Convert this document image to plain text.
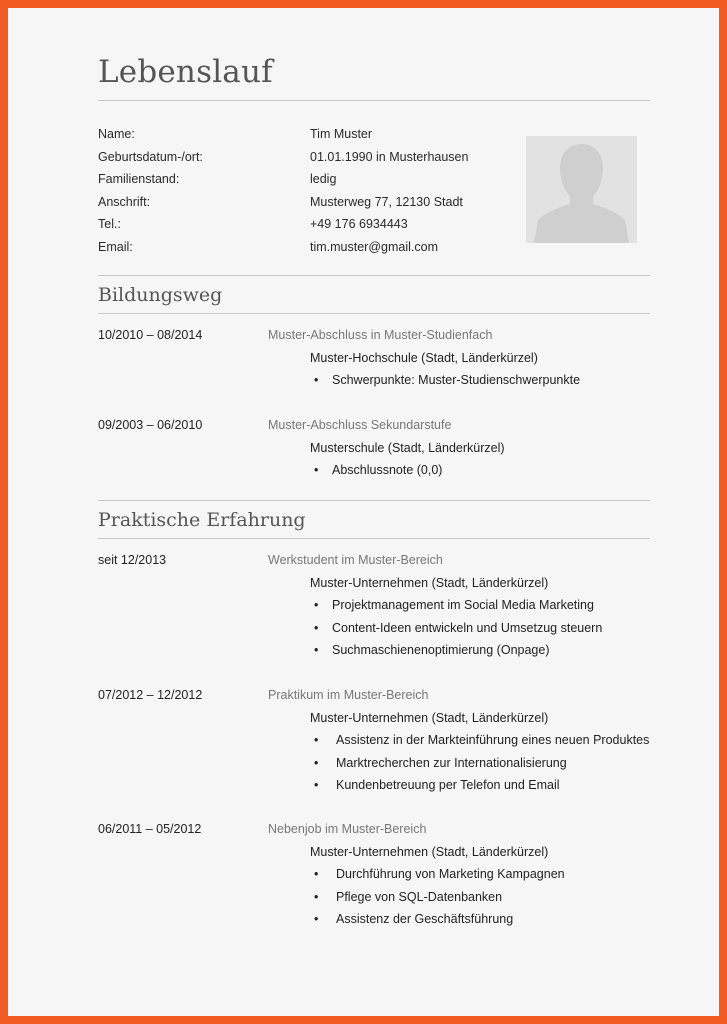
Lebenslauf
Name:	Tim Muster
Geburtsdatum-/ort:	01.01.1990 in Musterhausen
Familienstand:	ledig
Anschrift:	Musterweg 77, 12130 Stadt
Tel.:	+49 176 6934443
Email:	tim.muster@gmail.com
Bildungsweg
10/2010 – 08/2014	Muster-Abschluss in Muster-Studienfach
Muster-Hochschule (Stadt, Länderkürzel)
• Schwerpunkte: Muster-Studienschwerpunkte
09/2003 – 06/2010	Muster-Abschluss Sekundarstufe
Musterschule (Stadt, Länderkürzel)
• Abschlussnote (0,0)
Praktische Erfahrung
seit 12/2013	Werkstudent im Muster-Bereich
Muster-Unternehmen (Stadt, Länderkürzel)
• Projektmanagement im Social Media Marketing
• Content-Ideen entwickeln und Umsetzug steuern
• Suchmaschienenoptimierung (Onpage)
07/2012 – 12/2012	Praktikum im Muster-Bereich
Muster-Unternehmen (Stadt, Länderkürzel)
• Assistenz in der Markteinführung eines neuen Produktes
• Marktrecherchen zur Internationalisierung
• Kundenbetreuung per Telefon und Email
06/2011 – 05/2012	Nebenjob im Muster-Bereich
Muster-Unternehmen (Stadt, Länderkürzel)
• Durchführung von Marketing Kampagnen
• Pflege von SQL-Datenbanken
• Assistenz der Geschäftsführung
